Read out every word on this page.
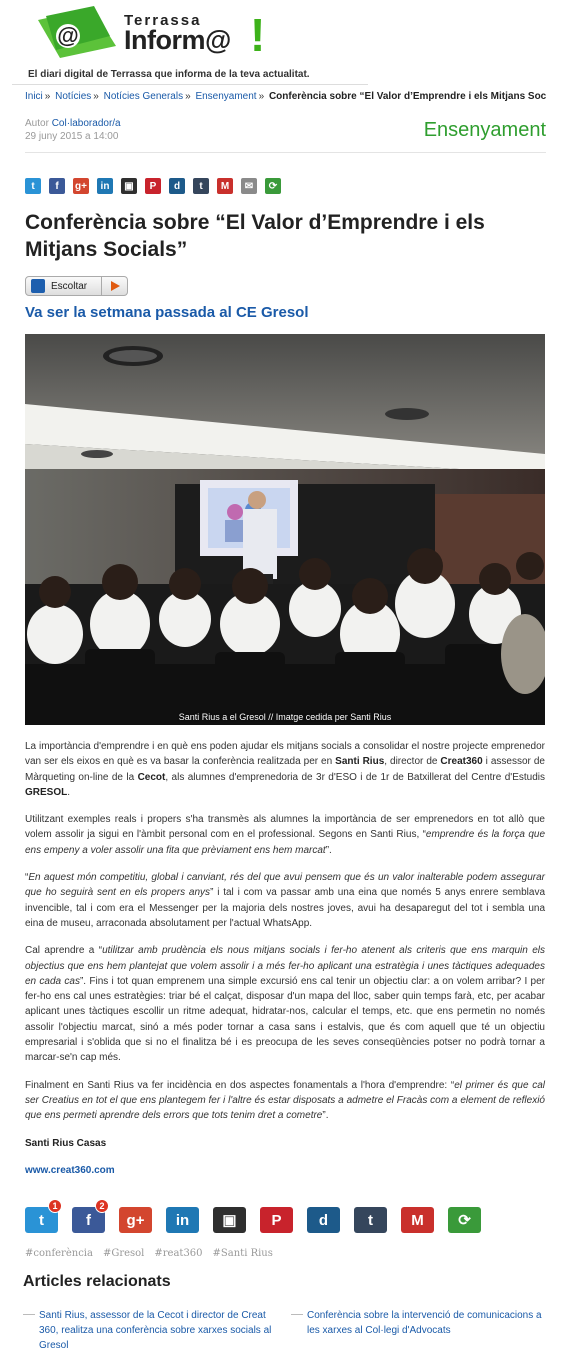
@
Terrassa
Inform@ !
El diari digital de Terrassa que informa de la teva actualitat.
Inici » Notícies » Notícies Generals » Ensenyament » Conferència sobre “El Valor d’Emprendre i els Mitjans Soc
Autor Col·laborador/a
29 juny 2015 a 14:00	Ensenyament
t	f	g+	in	▣	P	d	t	M	✉	⟳
Conferència sobre “El Valor d’Emprendre i els Mitjans Socials”
Escoltar
Va ser la setmana passada al CE Gresol
Santi Rius a el Gresol // Imatge cedida per Santi Rius

La importància d'emprendre i en què ens poden ajudar els mitjans socials a consolidar el nostre projecte emprenedor van ser els eixos en què es va basar la conferència realitzada per en Santi Rius, director de Creat360 i assessor de Màrqueting on-line de la Cecot, als alumnes d'emprenedoria de 3r d'ESO i de 1r de Batxillerat del Centre d'Estudis GRESOL.

Utilitzant exemples reals i propers s'ha transmès als alumnes la importància de ser emprenedors en tot allò que volem assolir ja sigui en l'àmbit personal com en el professional. Segons en Santi Rius, “emprendre és la força que ens empeny a voler assolir una fita que prèviament ens hem marcat”.

“En aquest món competitiu, global i canviant, rés del que avui pensem que és un valor inalterable podem assegurar que ho seguirà sent en els propers anys” i tal i com va passar amb una eina que només 5 anys enrere semblava invencible, tal i com era el Messenger per la majoria dels nostres joves, avui ha desaparegut del tot i sembla una eina de museu, arraconada absolutament per l'actual WhatsApp.

Cal aprendre a “utilitzar amb prudència els nous mitjans socials i fer-ho atenent als criteris que ens marquin els objectius que ens hem plantejat que volem assolir i a més fer-ho aplicant una estratègia i unes tàctiques adequades en cada cas”. Fins i tot quan emprenem una simple excursió ens cal tenir un objectiu clar: a on volem arribar? I per fer-ho ens cal unes estratègies: triar bé el calçat, disposar d'un mapa del lloc, saber quin temps farà, etc, per acabar aplicant unes tàctiques escollir un ritme adequat, hidratar-nos, calcular el temps, etc. que ens permetin no només assolir l'objectiu marcat, sinó a més poder tornar a casa sans i estalvis, que és com aquell que té un objectiu empresarial i s'oblida que si no el finalitza bé i es preocupa de les seves conseqüències potser no podrà tornar a marcar-se'n cap més.

Finalment en Santi Rius va fer incidència en dos aspectes fonamentals a l'hora d'emprendre: “el primer és que cal ser Creatius en tot el que ens plantegem fer i l'altre és estar disposats a admetre el Fracàs com a element de reflexió que ens permeti aprendre dels errors que tots tenim dret a cometre”.

Santi Rius Casas

www.creat360.com

t
1
f
2
g+ in ▣ P d	t	M ⟳
#conferència #Gresol #reat360 #Santi Rius
Articles relacionats
Santi Rius, assessor de la Cecot i director de Creat 360, realitza una conferència sobre xarxes socials al Gresol
Conferència sobre la intervenció de comunicacions a les xarxes al Col·legi d'Advocats
